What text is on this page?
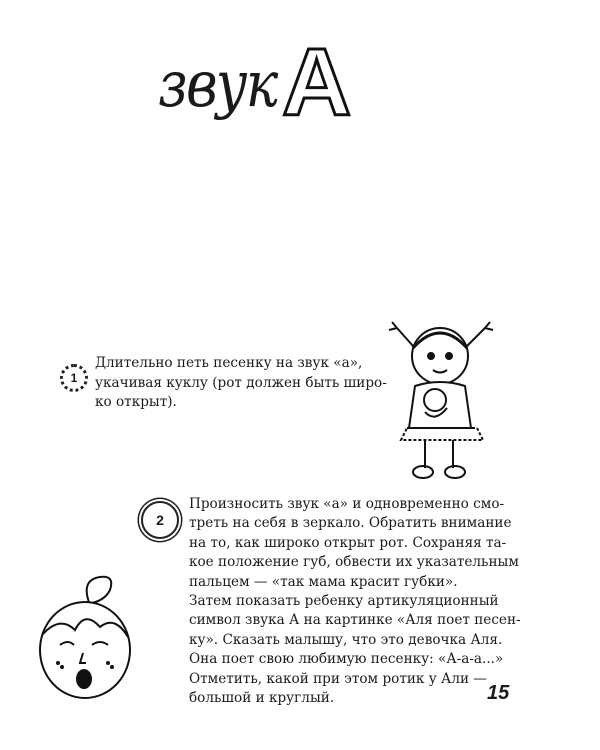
звук А
1
Длительно петь песенку на звук «а»,
укачивая куклу (рот должен быть широ-
ко открыт).
2
Произносить звук «а» и одновременно смо-
треть на себя в зеркало. Обратить внимание
на то, как широко открыт рот. Сохраняя та-
кое положение губ, обвести их указательным
пальцем — «так мама красит губки».
Затем показать ребенку артикуляционный
символ звука А на картинке «Аля поет песен-
ку». Сказать малышу, что это девочка Аля.
Она поет свою любимую песенку: «А-а-а...»
Отметить, какой при этом ротик у Али —
большой и круглый.	15
